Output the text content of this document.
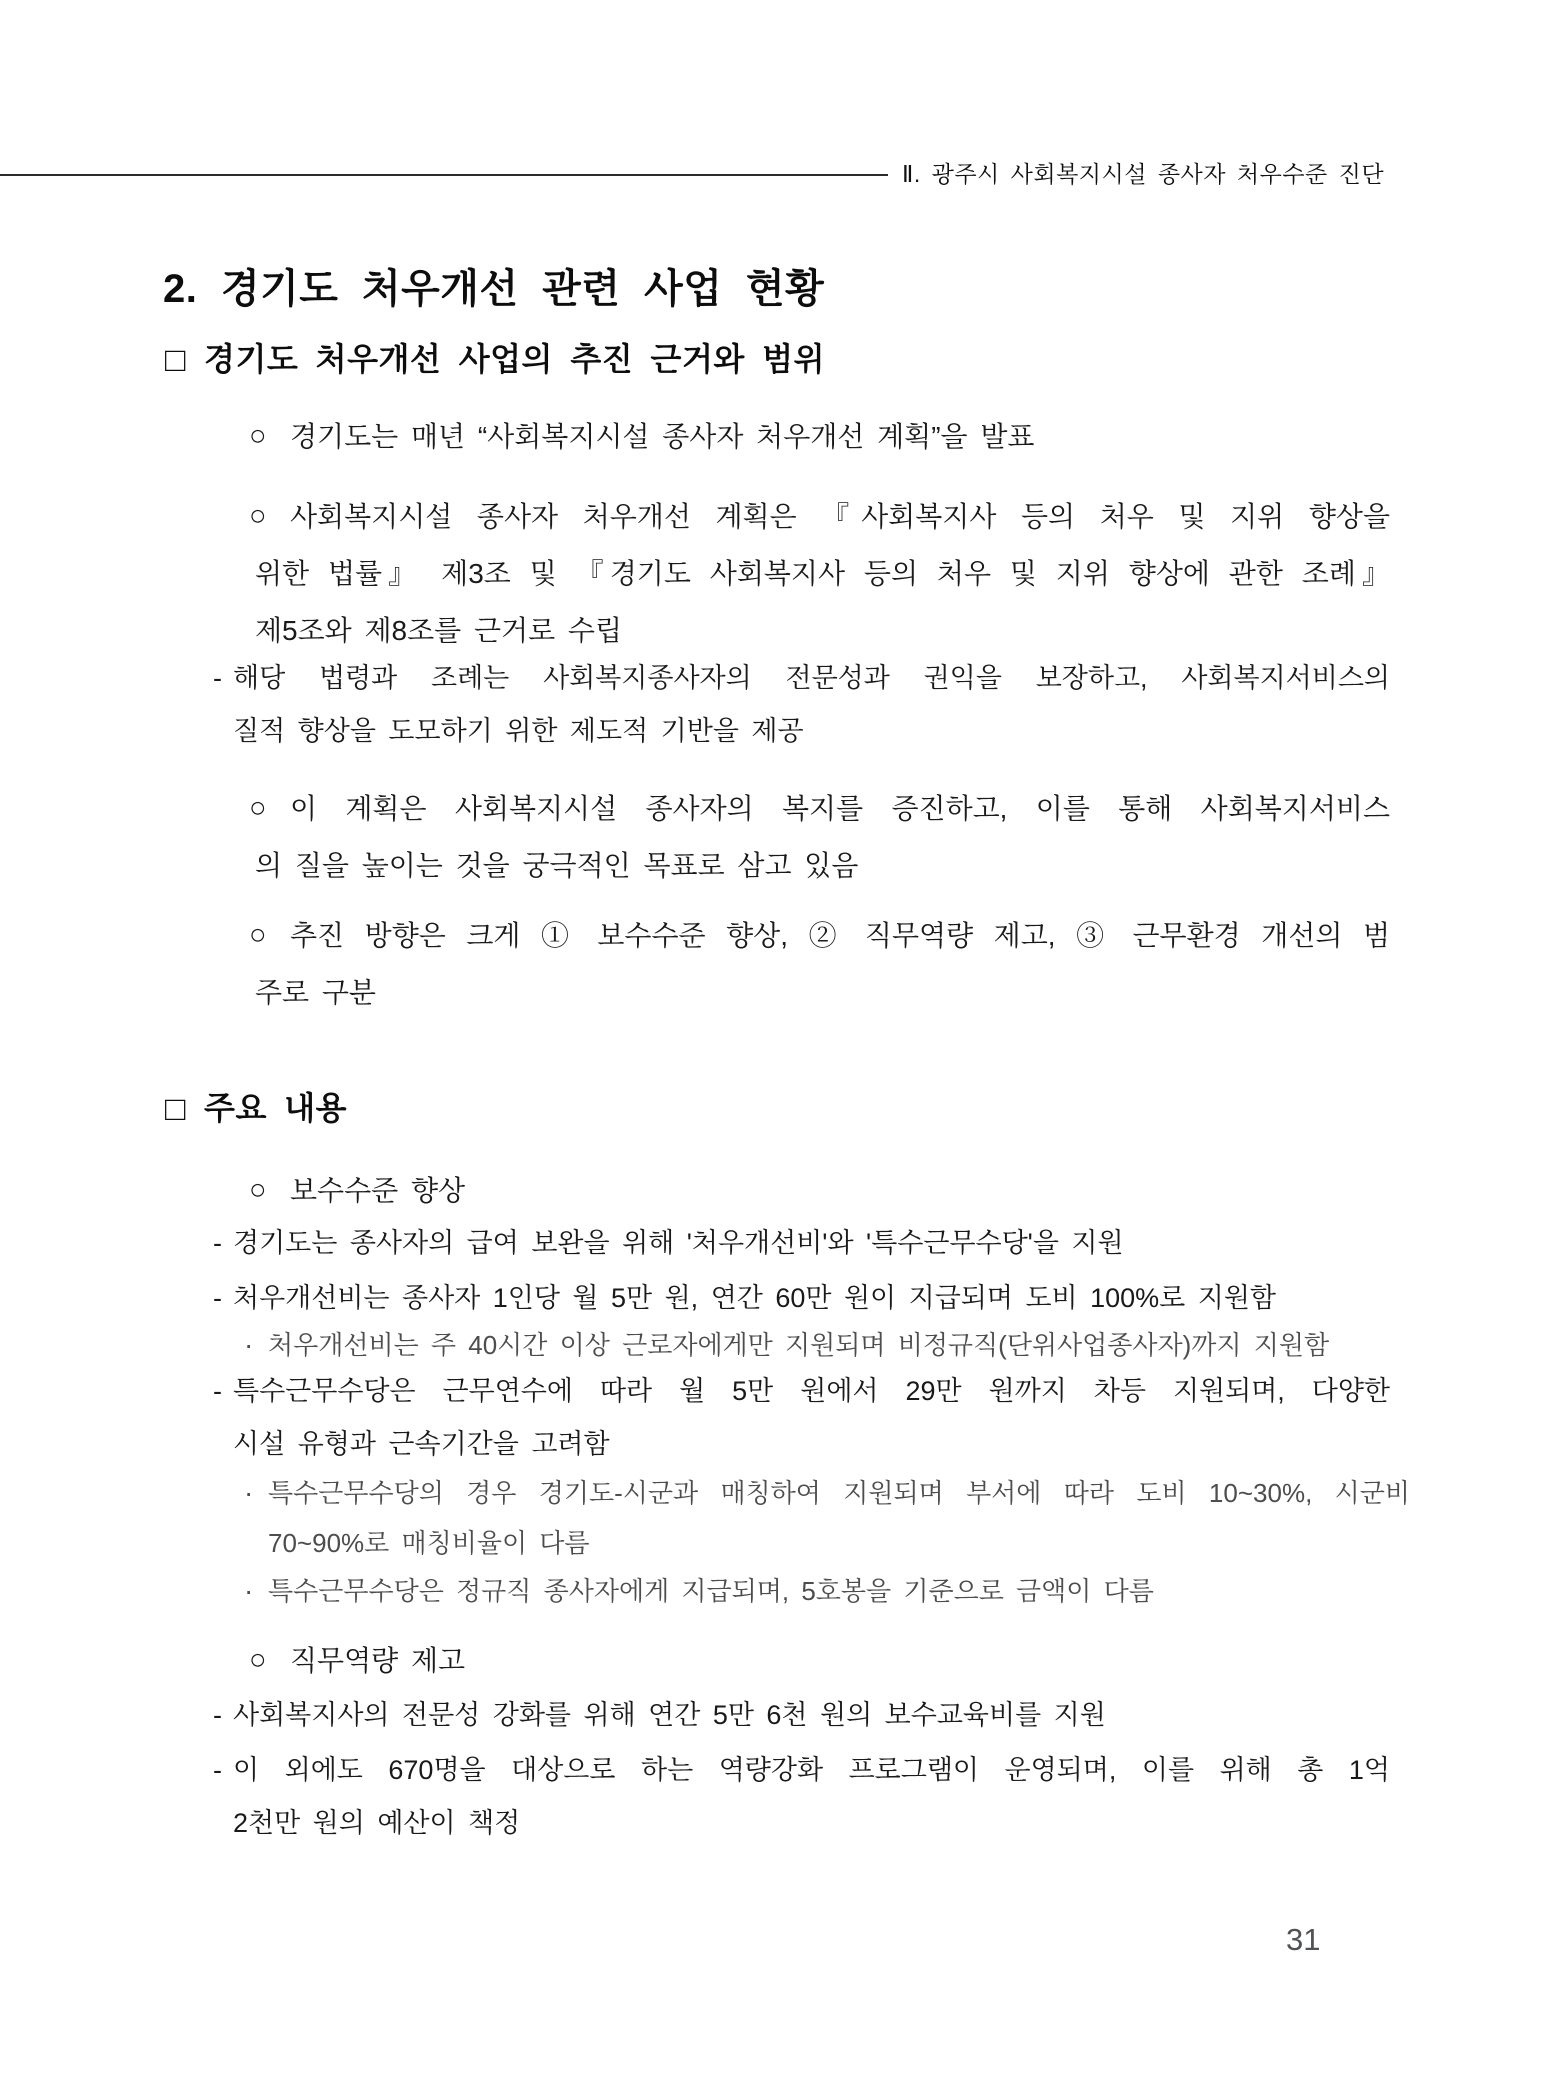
Ⅱ. 광주시 사회복지시설 종사자 처우수준 진단
2. 경기도 처우개선 관련 사업 현황
□ 경기도 처우개선 사업의 추진 근거와 범위
○ 경기도는 매년 “사회복지시설 종사자 처우개선 계획”을 발표
○ 사회복지시설 종사자 처우개선 계획은 『사회복지사 등의 처우 및 지위 향상을
위한 법률』 제3조 및 『경기도 사회복지사 등의 처우 및 지위 향상에 관한 조례』
제5조와 제8조를 근거로 수립
- 해당 법령과 조례는 사회복지종사자의 전문성과 권익을 보장하고, 사회복지서비스의
질적 향상을 도모하기 위한 제도적 기반을 제공
○ 이 계획은 사회복지시설 종사자의 복지를 증진하고, 이를 통해 사회복지서비스
의 질을 높이는 것을 궁극적인 목표로 삼고 있음
○ 추진 방향은 크게 ① 보수수준 향상, ② 직무역량 제고, ③ 근무환경 개선의 범
주로 구분
□ 주요 내용
○ 보수수준 향상
- 경기도는 종사자의 급여 보완을 위해 '처우개선비'와 '특수근무수당'을 지원
- 처우개선비는 종사자 1인당 월 5만 원, 연간 60만 원이 지급되며 도비 100%로 지원함
· 처우개선비는 주 40시간 이상 근로자에게만 지원되며 비정규직(단위사업종사자)까지 지원함
- 특수근무수당은 근무연수에 따라 월 5만 원에서 29만 원까지 차등 지원되며, 다양한
시설 유형과 근속기간을 고려함
· 특수근무수당의 경우 경기도-시군과 매칭하여 지원되며 부서에 따라 도비 10~30%, 시군비
70~90%로 매칭비율이 다름
· 특수근무수당은 정규직 종사자에게 지급되며, 5호봉을 기준으로 금액이 다름
○ 직무역량 제고
- 사회복지사의 전문성 강화를 위해 연간 5만 6천 원의 보수교육비를 지원
- 이 외에도 670명을 대상으로 하는 역량강화 프로그램이 운영되며, 이를 위해 총 1억
2천만 원의 예산이 책정
31
